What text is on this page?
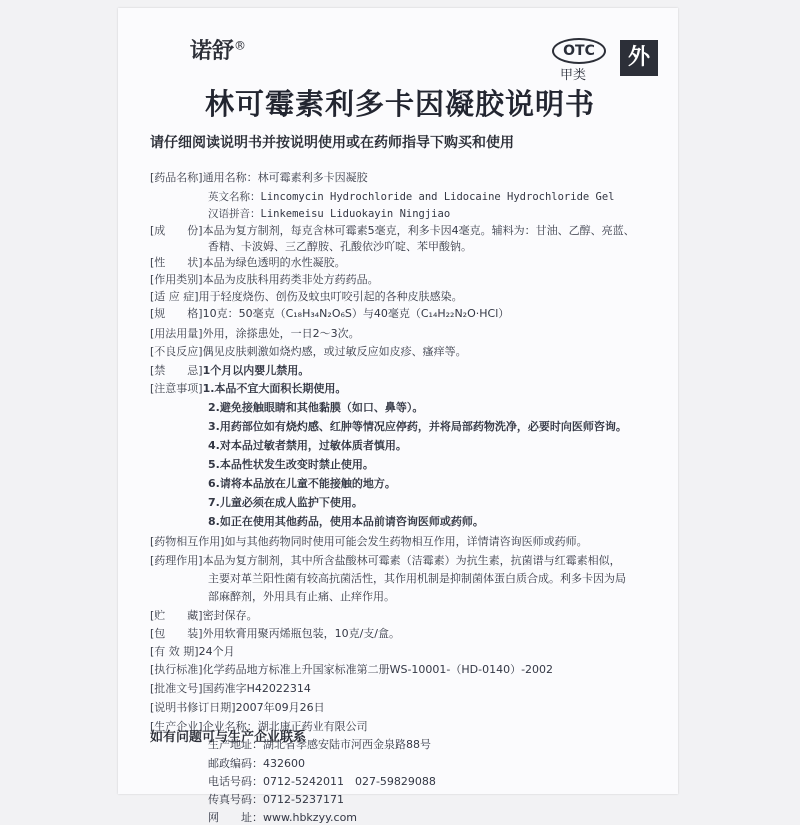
诺舒®	OTC
甲类
外
林可霉素利多卡因凝胶说明书
请仔细阅读说明书并按说明使用或在药师指导下购买和使用
[药品名称]通用名称：林可霉素利多卡因凝胶
英文名称：Lincomycin Hydrochloride and Lidocaine Hydrochloride Gel
汉语拼音：Linkemeisu Liduokayin Ningjiao
[成　　份]本品为复方制剂，每克含林可霉素5毫克，利多卡因4毫克。辅料为：甘油、乙醇、亮蓝、
香精、卡波姆、三乙醇胺、孔酸依沙吖啶、苯甲酸钠。
[性　　状]本品为绿色透明的水性凝胶。
[作用类别]本品为皮肤科用药类非处方药药品。
[适 应 症]用于轻度烧伤、创伤及蚊虫叮咬引起的各种皮肤感染。
[规　　格]10克：50毫克（C₁₈H₃₄N₂O₆S）与40毫克（C₁₄H₂₂N₂O·HCl）
[用法用量]外用，涂搽患处，一日2～3次。
[不良反应]偶见皮肤刺激如烧灼感，或过敏反应如皮疹、瘙痒等。
[禁　　忌]1个月以内婴儿禁用。
[注意事项]1.本品不宜大面积长期使用。
2.避免接触眼睛和其他黏膜（如口、鼻等）。
3.用药部位如有烧灼感、红肿等情况应停药，并将局部药物洗净，必要时向医师咨询。
4.对本品过敏者禁用，过敏体质者慎用。
5.本品性状发生改变时禁止使用。
6.请将本品放在儿童不能接触的地方。
7.儿童必须在成人监护下使用。
8.如正在使用其他药品，使用本品前请咨询医师或药师。
[药物相互作用]如与其他药物同时使用可能会发生药物相互作用，详情请咨询医师或药师。
[药理作用]本品为复方制剂，其中所含盐酸林可霉素（洁霉素）为抗生素，抗菌谱与红霉素相似，
主要对革兰阳性菌有较高抗菌活性，其作用机制是抑制菌体蛋白质合成。利多卡因为局
部麻醉剂，外用具有止痛、止痒作用。
[贮　　藏]密封保存。
[包　　装]外用软膏用聚丙烯瓶包装，10克/支/盒。
[有 效 期]24个月
[执行标准]化学药品地方标准上升国家标准第二册WS-10001-（HD-0140）-2002
[批准文号]国药准字H42022314
[说明书修订日期]2007年09月26日
[生产企业]企业名称：湖北康正药业有限公司
生产地址：湖北省孝感安陆市河西金泉路88号
邮政编码：432600
电话号码：0712-5242011　027-59829088
传真号码：0712-5237171
网　　址：www.hbkzyy.com
如有问题可与生产企业联系
